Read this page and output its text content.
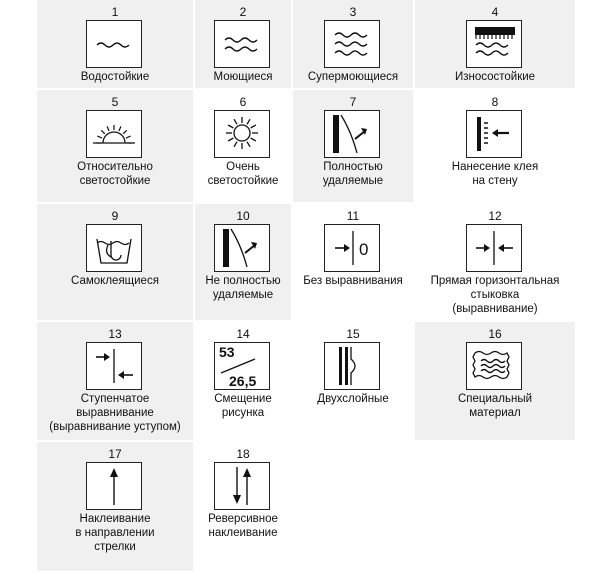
1
Водостойкие
2
Моющиеся
3
Супермоющиеся
4
Износостойкие
5
Относительно
светостойкие
6
Очень
светостойкие
7
Полностью
удаляемые
8
Нанесение клея
на стену
9
Самоклеящиеся
10
Не полностью
удаляемые
11
0
Без выравнивания
12
Прямая горизонтальная
стыковка
(выравнивание)
13
Ступенчатое
выравнивание
(выравнивание уступом)
14
53
26,5
Смещение
рисунка
15
Двухслойные
16
Специальный
материал
17
Наклеивание
в направлении
стрелки
18
Реверсивное
наклеивание
